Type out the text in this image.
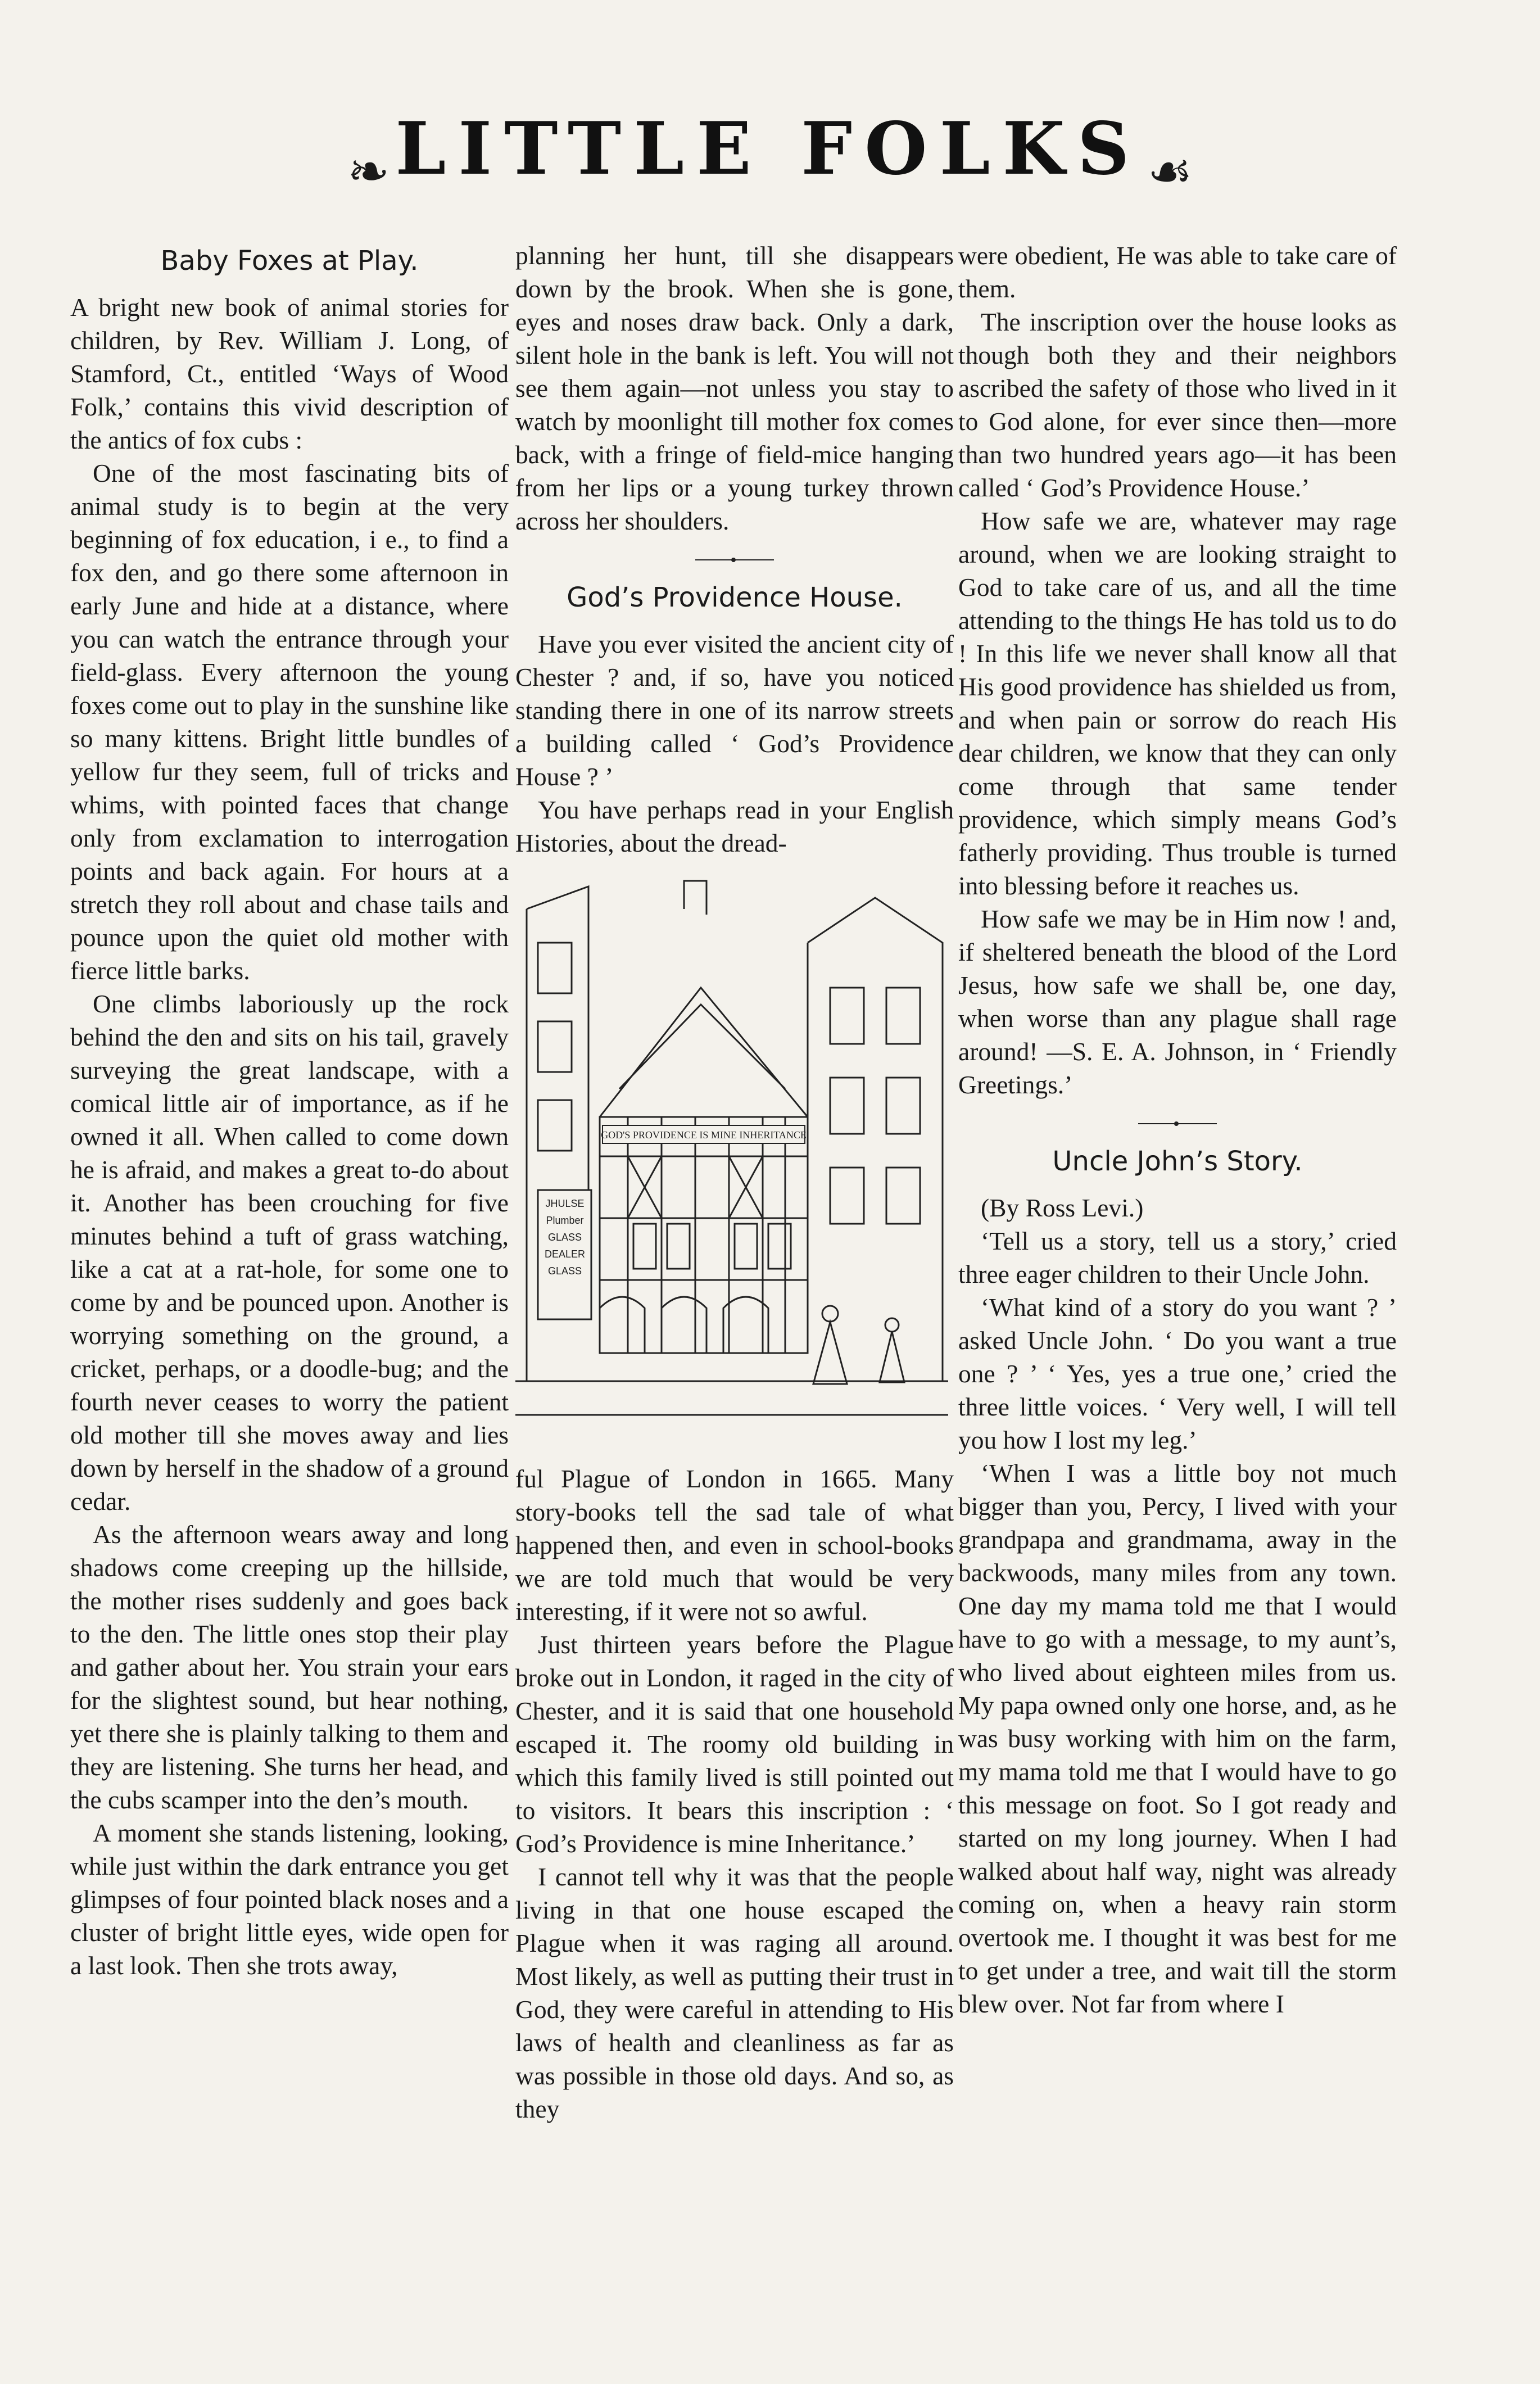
❧ LITTLE FOLKS ☙
Baby Foxes at Play.

A bright new book of animal stories for children, by Rev. William J. Long, of Stamford, Ct., entitled ‘Ways of Wood Folk,’ contains this vivid description of the antics of fox cubs :

One of the most fascinating bits of animal study is to begin at the very beginning of fox education, i e., to find a fox den, and go there some afternoon in early June and hide at a distance, where you can watch the entrance through your field-glass. Every afternoon the young foxes come out to play in the sunshine like so many kittens. Bright little bundles of yellow fur they seem, full of tricks and whims, with pointed faces that change only from exclamation to interrogation points and back again. For hours at a stretch they roll about and chase tails and pounce upon the quiet old mother with fierce little barks.

One climbs laboriously up the rock behind the den and sits on his tail, gravely surveying the great landscape, with a comical little air of importance, as if he owned it all. When called to come down he is afraid, and makes a great to-do about it. Another has been crouching for five minutes behind a tuft of grass watching, like a cat at a rat-hole, for some one to come by and be pounced upon. Another is worrying something on the ground, a cricket, perhaps, or a doodle-bug; and the fourth never ceases to worry the patient old mother till she moves away and lies down by herself in the shadow of a ground cedar.

As the afternoon wears away and long shadows come creeping up the hillside, the mother rises suddenly and goes back to the den. The little ones stop their play and gather about her. You strain your ears for the slightest sound, but hear nothing, yet there she is plainly talking to them and they are listening. She turns her head, and the cubs scamper into the den’s mouth.

A moment she stands listening, looking, while just within the dark entrance you get glimpses of four pointed black noses and a cluster of bright little eyes, wide open for a last look. Then she trots away,

planning her hunt, till she disappears down by the brook. When she is gone, eyes and noses draw back. Only a dark, silent hole in the bank is left. You will not see them again—not unless you stay to watch by moonlight till mother fox comes back, with a fringe of field-mice hanging from her lips or a young turkey thrown across her shoulders.

God’s Providence House.

Have you ever visited the ancient city of Chester ? and, if so, have you noticed standing there in one of its narrow streets a building called ‘ God’s Providence House ? ’

You have perhaps read in your English Histories, about the dread-

GOD'S PROVIDENCE IS MINE INHERITANCE
JHULSE
Plumber
GLASS
DEALER
GLASS

ful Plague of London in 1665. Many story-books tell the sad tale of what happened then, and even in school-books we are told much that would be very interesting, if it were not so awful.

Just thirteen years before the Plague broke out in London, it raged in the city of Chester, and it is said that one household escaped it. The roomy old building in which this family lived is still pointed out to visitors. It bears this inscription : ‘ God’s Providence is mine Inheritance.’

I cannot tell why it was that the people living in that one house escaped the Plague when it was raging all around. Most likely, as well as putting their trust in God, they were careful in attending to His laws of health and cleanliness as far as was possible in those old days. And so, as they

were obedient, He was able to take care of them.

The inscription over the house looks as though both they and their neighbors ascribed the safety of those who lived in it to God alone, for ever since then—more than two hundred years ago—it has been called ‘ God’s Providence House.’

How safe we are, whatever may rage around, when we are looking straight to God to take care of us, and all the time attending to the things He has told us to do ! In this life we never shall know all that His good providence has shielded us from, and when pain or sorrow do reach His dear children, we know that they can only come through that same tender providence, which simply means God’s fatherly providing. Thus trouble is turned into blessing before it reaches us.

How safe we may be in Him now ! and, if sheltered beneath the blood of the Lord Jesus, how safe we shall be, one day, when worse than any plague shall rage around! —S. E. A. Johnson, in ‘ Friendly Greetings.’

Uncle John’s Story.

(By Ross Levi.)

‘Tell us a story, tell us a story,’ cried three eager children to their Uncle John.

‘What kind of a story do you want ? ’ asked Uncle John. ‘ Do you want a true one ? ’ ‘ Yes, yes a true one,’ cried the three little voices. ‘ Very well, I will tell you how I lost my leg.’

‘When I was a little boy not much bigger than you, Percy, I lived with your grandpapa and grandmama, away in the backwoods, many miles from any town. One day my mama told me that I would have to go with a message, to my aunt’s, who lived about eighteen miles from us. My papa owned only one horse, and, as he was busy working with him on the farm, my mama told me that I would have to go this message on foot. So I got ready and started on my long journey. When I had walked about half way, night was already coming on, when a heavy rain storm overtook me. I thought it was best for me to get under a tree, and wait till the storm blew over. Not far from where I
